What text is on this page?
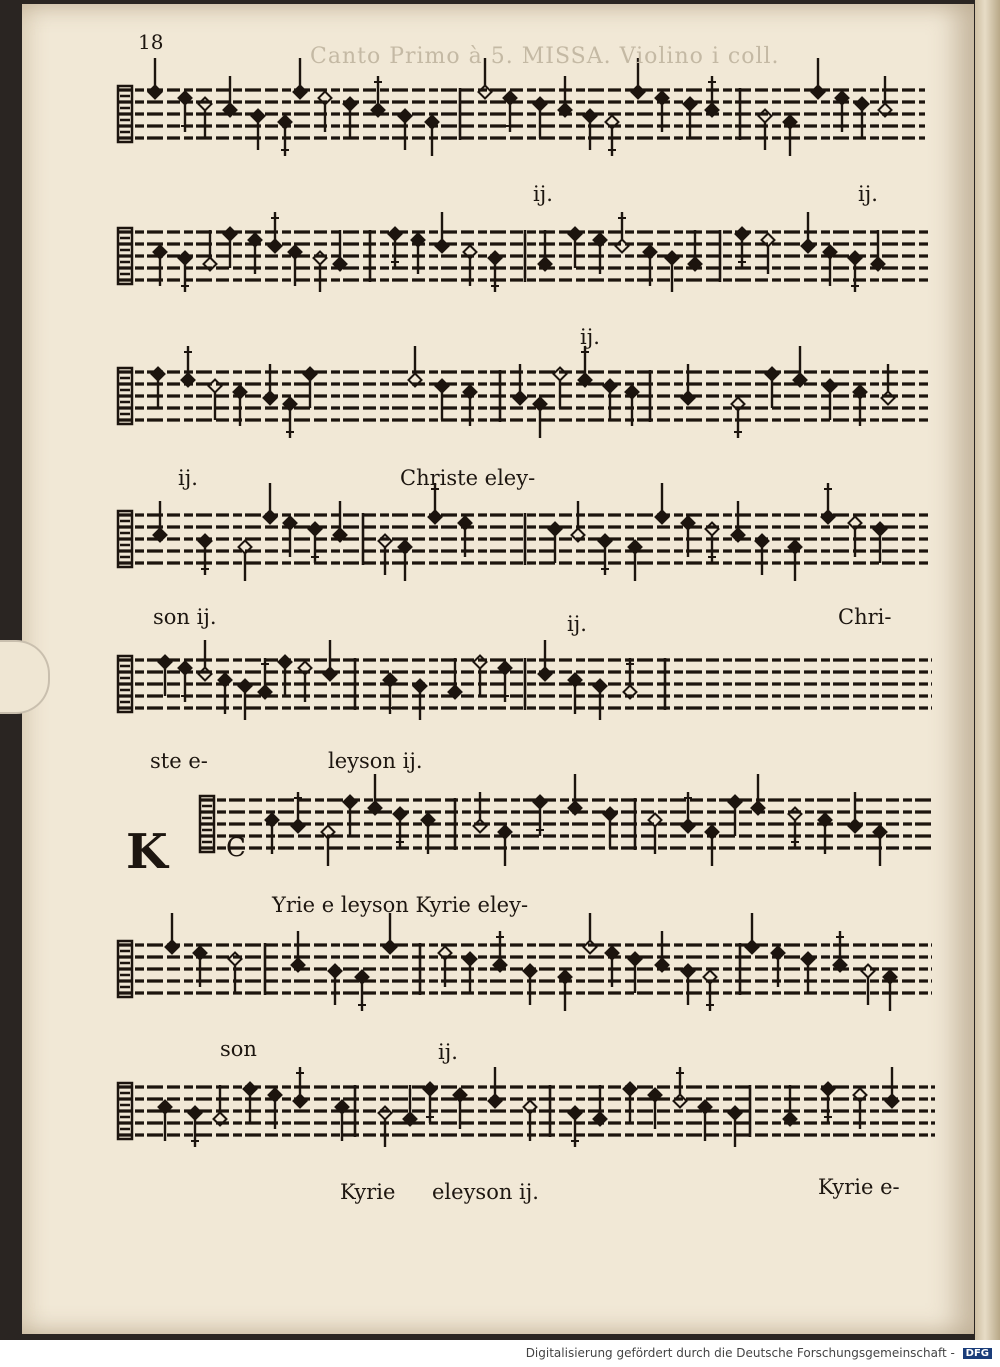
C
18
Canto Primo à 5. MISSA. Violino i coll.
K
ij.	ij.
ij.
ij.	Christe eley-
son ij.	ij.	Chri-
ste e-	leyson ij.
Yrie e leyson Kyrie eley-
son	ij.
Kyrie eleyson ij.	Kyrie e-
Digitalisierung gefördert durch die Deutsche Forschungsgemeinschaft - DFG
